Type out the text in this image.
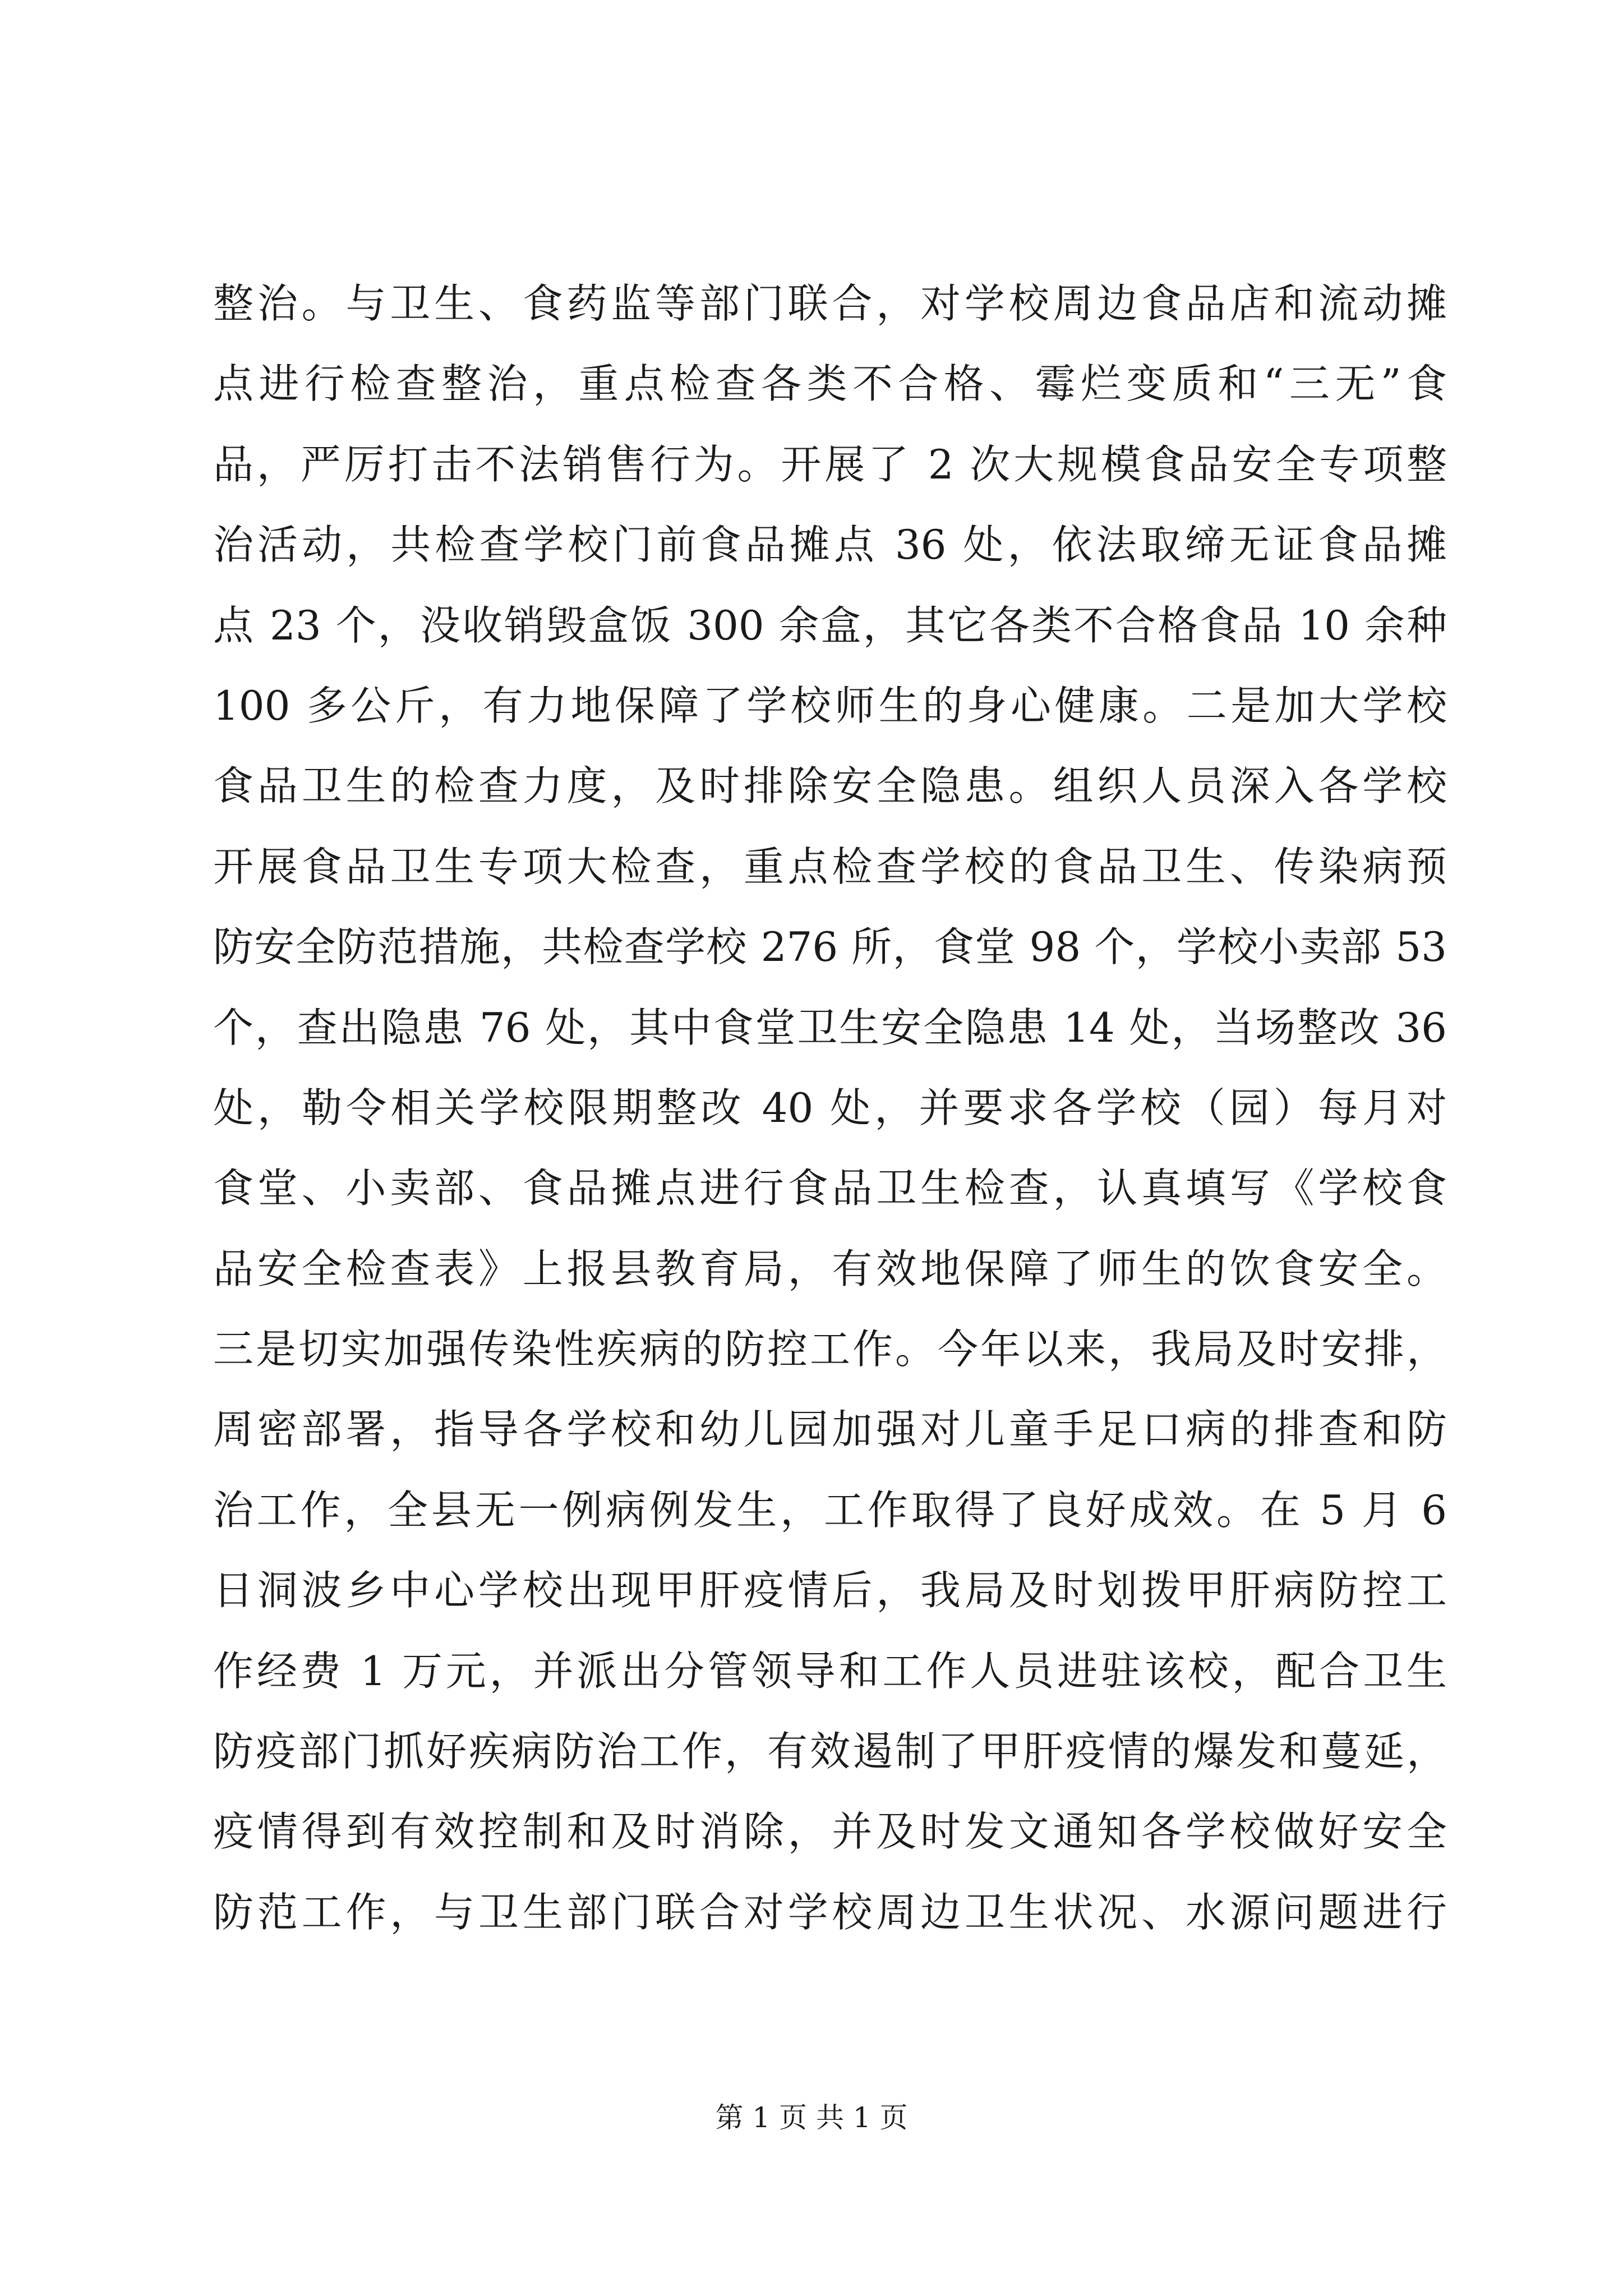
整治。与卫生、食药监等部门联合，对学校周边食品店和流动摊
点进行检查整治，重点检查各类不合格、霉烂变质和“三无”食
品，严厉打击不法销售行为。开展了 2 次大规模食品安全专项整
治活动，共检查学校门前食品摊点 36 处，依法取缔无证食品摊
点 23 个，没收销毁盒饭 300 余盒，其它各类不合格食品 10 余种
100 多公斤，有力地保障了学校师生的身心健康。二是加大学校
食品卫生的检查力度，及时排除安全隐患。组织人员深入各学校
开展食品卫生专项大检查，重点检查学校的食品卫生、传染病预
防安全防范措施，共检查学校 276 所，食堂 98 个，学校小卖部 53
个，查出隐患 76 处，其中食堂卫生安全隐患 14 处，当场整改 36
处，勒令相关学校限期整改 40 处，并要求各学校（园）每月对
食堂、小卖部、食品摊点进行食品卫生检查，认真填写《学校食
品安全检查表》上报县教育局，有效地保障了师生的饮食安全。
三是切实加强传染性疾病的防控工作。今年以来，我局及时安排，
周密部署，指导各学校和幼儿园加强对儿童手足口病的排查和防
治工作，全县无一例病例发生，工作取得了良好成效。在 5 月 6
日洞波乡中心学校出现甲肝疫情后，我局及时划拨甲肝病防控工
作经费 1 万元，并派出分管领导和工作人员进驻该校，配合卫生
防疫部门抓好疾病防治工作，有效遏制了甲肝疫情的爆发和蔓延，
疫情得到有效控制和及时消除，并及时发文通知各学校做好安全
防范工作，与卫生部门联合对学校周边卫生状况、水源问题进行
第 1 页 共 1 页
